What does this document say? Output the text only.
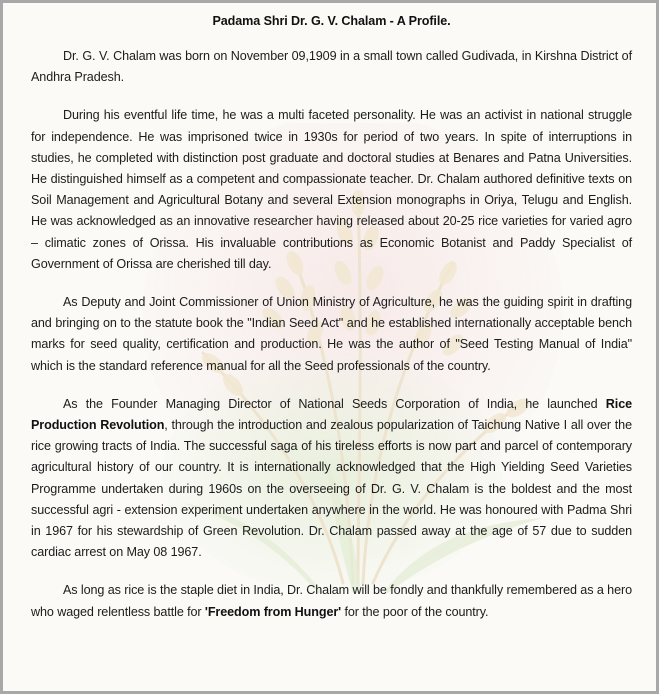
Padama Shri Dr. G. V. Chalam - A Profile.

Dr. G. V. Chalam was born on November 09,1909 in a small town called Gudivada, in Kirshna District of Andhra Pradesh.

During his eventful life time, he was a multi faceted personality. He was an activist in national struggle for independence. He was imprisoned twice in 1930s for period of two years. In spite of interruptions in studies, he completed with distinction post graduate and doctoral studies at Benares and Patna Universities. He distinguished himself as a competent and compassionate teacher. Dr. Chalam authored definitive texts on Soil Management and Agricultural Botany and several Extension monographs in Oriya, Telugu and English. He was acknowledged as an innovative researcher having released about 20-25 rice varieties for varied agro – climatic zones of Orissa. His invaluable contributions as Economic Botanist and Paddy Specialist of Government of Orissa are cherished till day.

As Deputy and Joint Commissioner of Union Ministry of Agriculture, he was the guiding spirit in drafting and bringing on to the statute book the "Indian Seed Act" and he established internationally acceptable bench marks for seed quality, certification and production. He was the author of "Seed Testing Manual of India" which is the standard reference manual for all the Seed professionals of the country.

As the Founder Managing Director of National Seeds Corporation of India, he launched Rice Production Revolution, through the introduction and zealous popularization of Taichung Native I all over the rice growing tracts of India. The successful saga of his tireless efforts is now part and parcel of contemporary agricultural history of our country. It is internationally acknowledged that the High Yielding Seed Varieties Programme undertaken during 1960s on the overseeing of Dr. G. V. Chalam is the boldest and the most successful agri - extension experiment undertaken anywhere in the world. He was honoured with Padma Shri in 1967 for his stewardship of Green Revolution. Dr. Chalam passed away at the age of 57 due to sudden cardiac arrest on May 08 1967.

As long as rice is the staple diet in India, Dr. Chalam will be fondly and thankfully remembered as a hero who waged relentless battle for 'Freedom from Hunger' for the poor of the country.
